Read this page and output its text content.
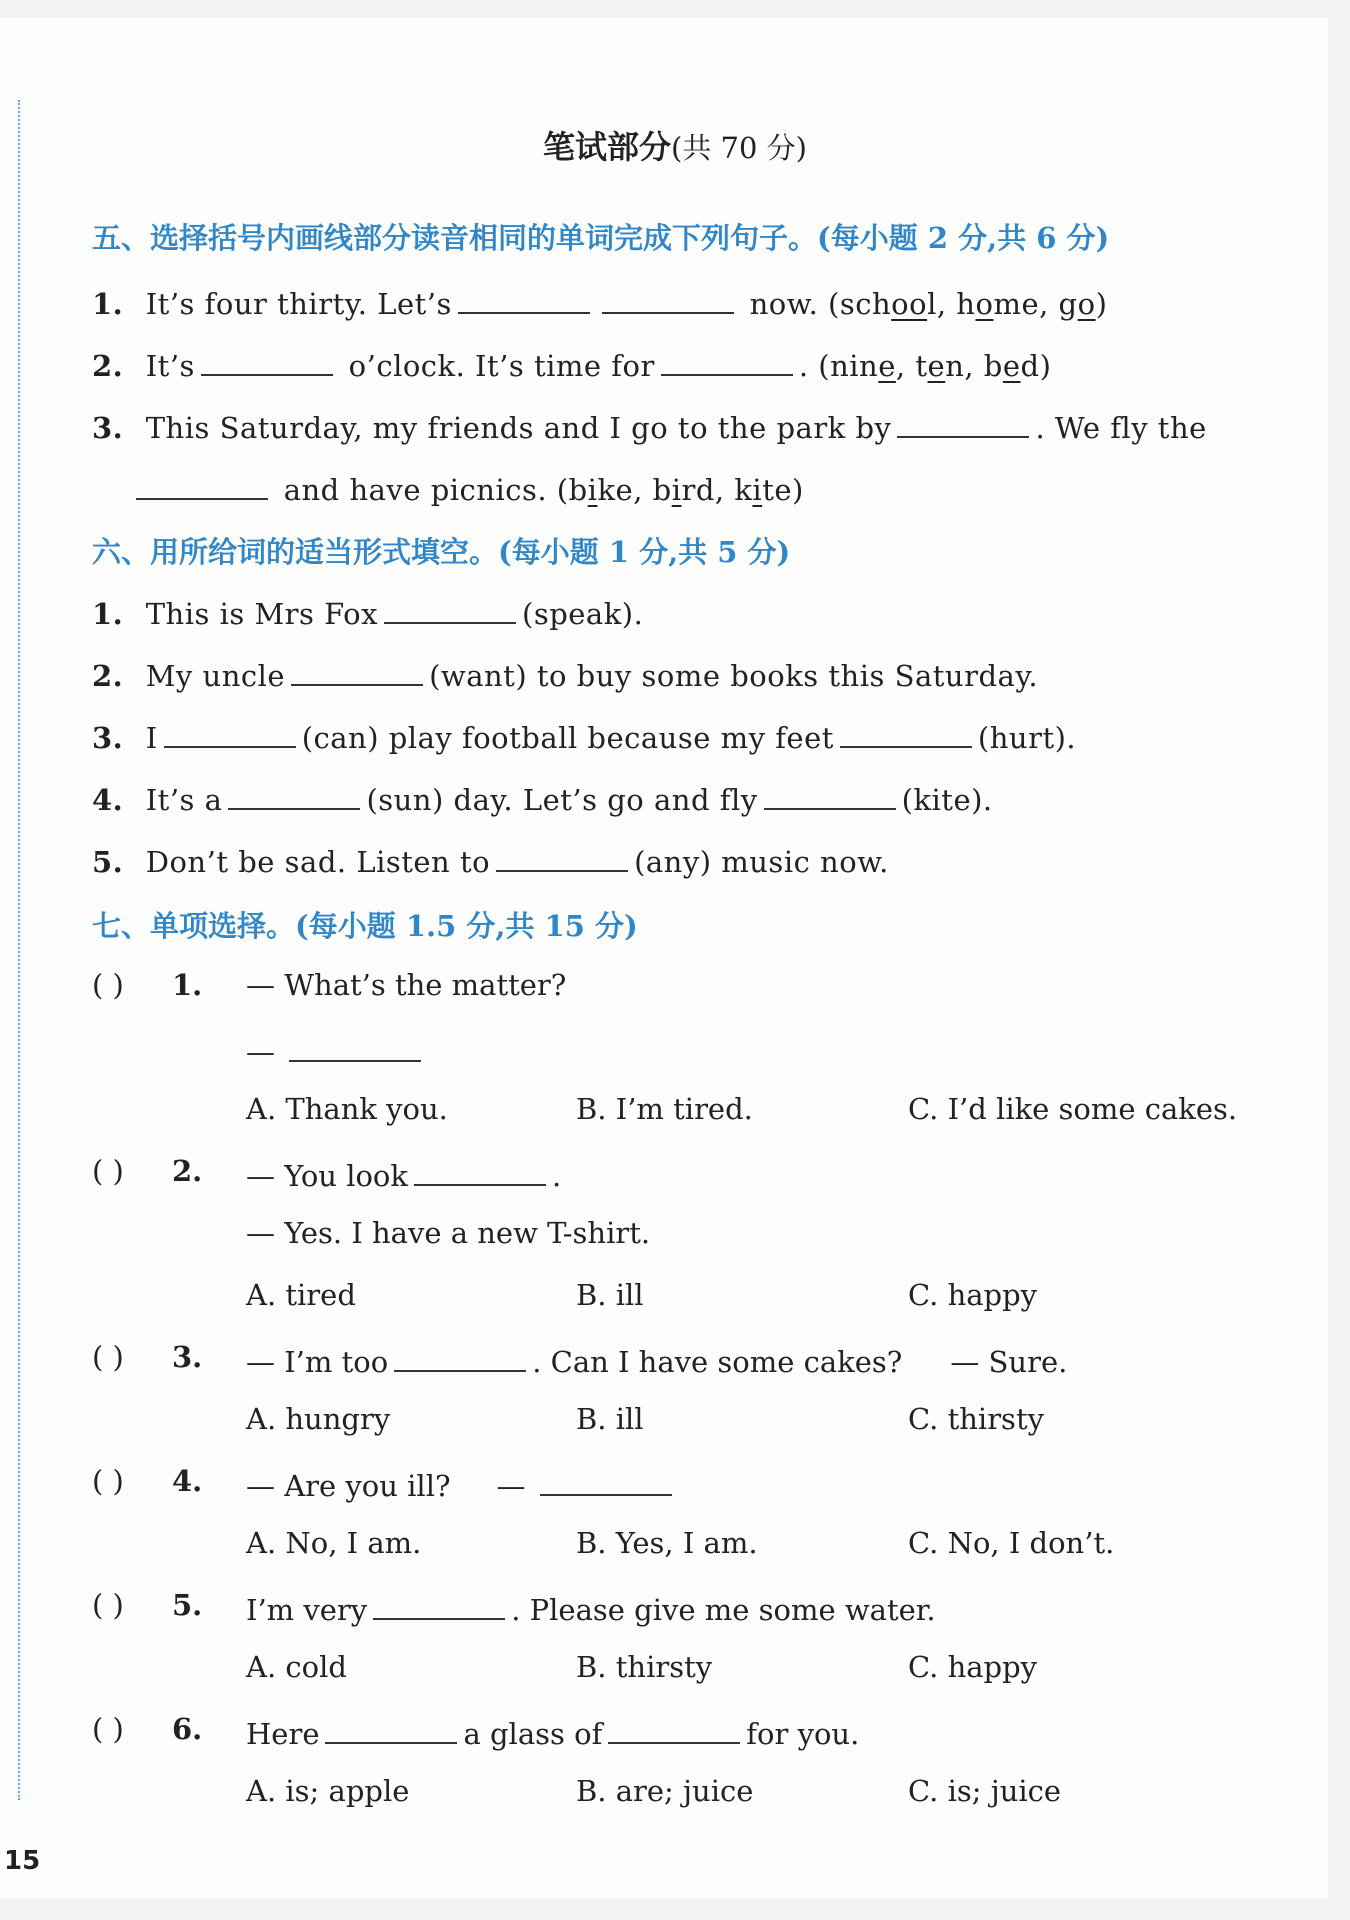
笔试部分(共 70 分)
五、选择括号内画线部分读音相同的单词完成下列句子。(每小题 2 分,共 6 分)
1. It’s four thirty. Let’s	now. (school, home, go)
2. It’s	o’clock. It’s time for	. (nine, ten, bed)
3. This Saturday, my friends and I go to the park by	. We fly the
and have picnics. (bike, bird, kite)
六、用所给词的适当形式填空。(每小题 1 分,共 5 分)
1. This is Mrs Fox	(speak).
2. My uncle	(want) to buy some books this Saturday.
3. I	(can) play football because my feet	(hurt).
4. It’s a	(sun) day. Let’s go and fly	(kite).
5. Don’t be sad. Listen to	(any) music now.
七、单项选择。(每小题 1.5 分,共 15 分)
( ) 1. — What’s the matter?
—
A. Thank you.	B. I’m tired.	C. I’d like some cakes.
( ) 2. — You look	.
— Yes. I have a new T-shirt.
A. tired	B. ill	C. happy
( ) 3. — I’m too	. Can I have some cakes? — Sure.
A. hungry	B. ill	C. thirsty
( ) 4. — Are you ill? —
A. No, I am.	B. Yes, I am.	C. No, I don’t.
( ) 5. I’m very	. Please give me some water.
A. cold	B. thirsty	C. happy
( ) 6. Here	a glass of	for you.
A. is; apple	B. are; juice	C. is; juice
15
